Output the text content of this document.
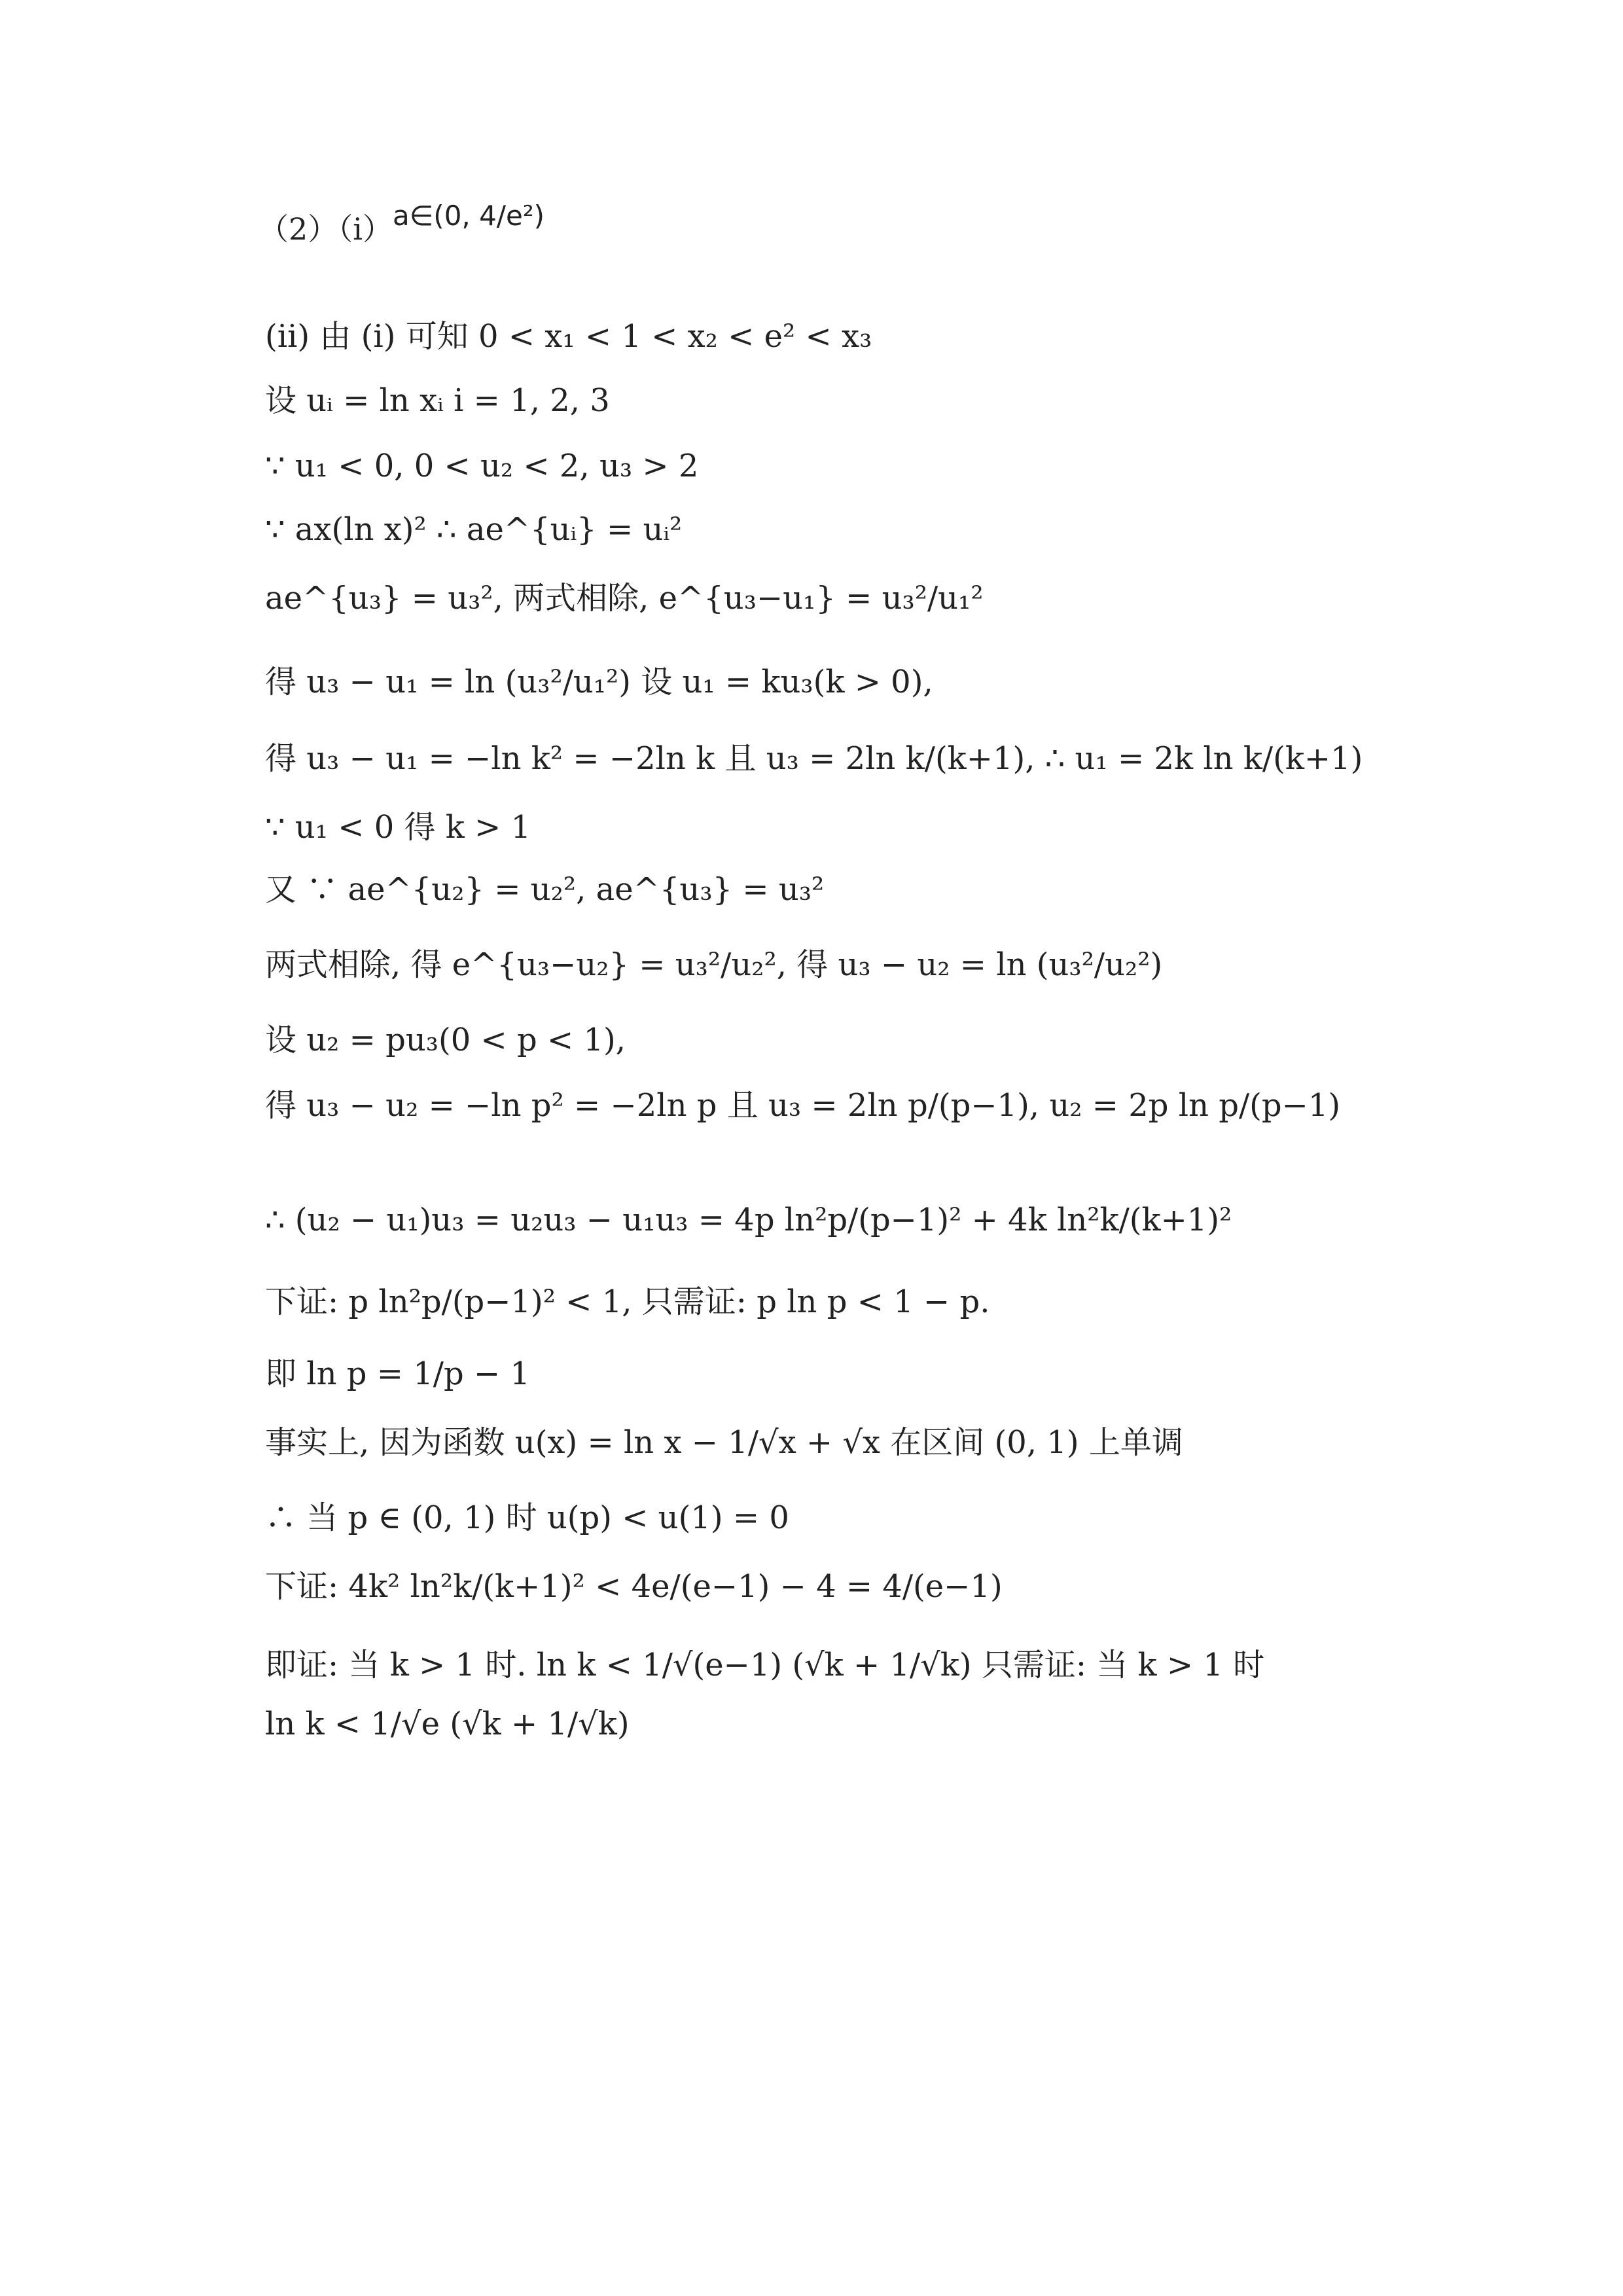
（2）（i）a∈(0, 4/e²)
(ii) 由 (i) 可知 0 < x₁ < 1 < x₂ < e² < x₃
设 uᵢ = ln xᵢ i = 1, 2, 3
∵ u₁ < 0, 0 < u₂ < 2, u₃ > 2
∵ ax(ln x)² ∴ ae^{uᵢ} = uᵢ²
ae^{u₃} = u₃², 两式相除, e^{u₃−u₁} = u₃²/u₁²
得 u₃ − u₁ = ln (u₃²/u₁²) 设 u₁ = ku₃(k > 0),
得 u₃ − u₁ = −ln k² = −2ln k 且 u₃ = 2ln k/(k+1), ∴ u₁ = 2k ln k/(k+1)
∵ u₁ < 0 得 k > 1
又 ∵ ae^{u₂} = u₂², ae^{u₃} = u₃²
两式相除, 得 e^{u₃−u₂} = u₃²/u₂², 得 u₃ − u₂ = ln (u₃²/u₂²)
设 u₂ = pu₃(0 < p < 1),
得 u₃ − u₂ = −ln p² = −2ln p 且 u₃ = 2ln p/(p−1), u₂ = 2p ln p/(p−1)
∴ (u₂ − u₁)u₃ = u₂u₃ − u₁u₃ = 4p ln²p/(p−1)² + 4k ln²k/(k+1)²
下证: p ln²p/(p−1)² < 1, 只需证: p ln p < 1 − p.
即 ln p = 1/p − 1
事实上, 因为函数 u(x) = ln x − 1/√x + √x 在区间 (0, 1) 上单调
∴ 当 p ∈ (0, 1) 时 u(p) < u(1) = 0
下证: 4k² ln²k/(k+1)² < 4e/(e−1) − 4 = 4/(e−1)
即证: 当 k > 1 时. ln k < 1/√(e−1) (√k + 1/√k) 只需证: 当 k > 1 时
ln k < 1/√e (√k + 1/√k)
